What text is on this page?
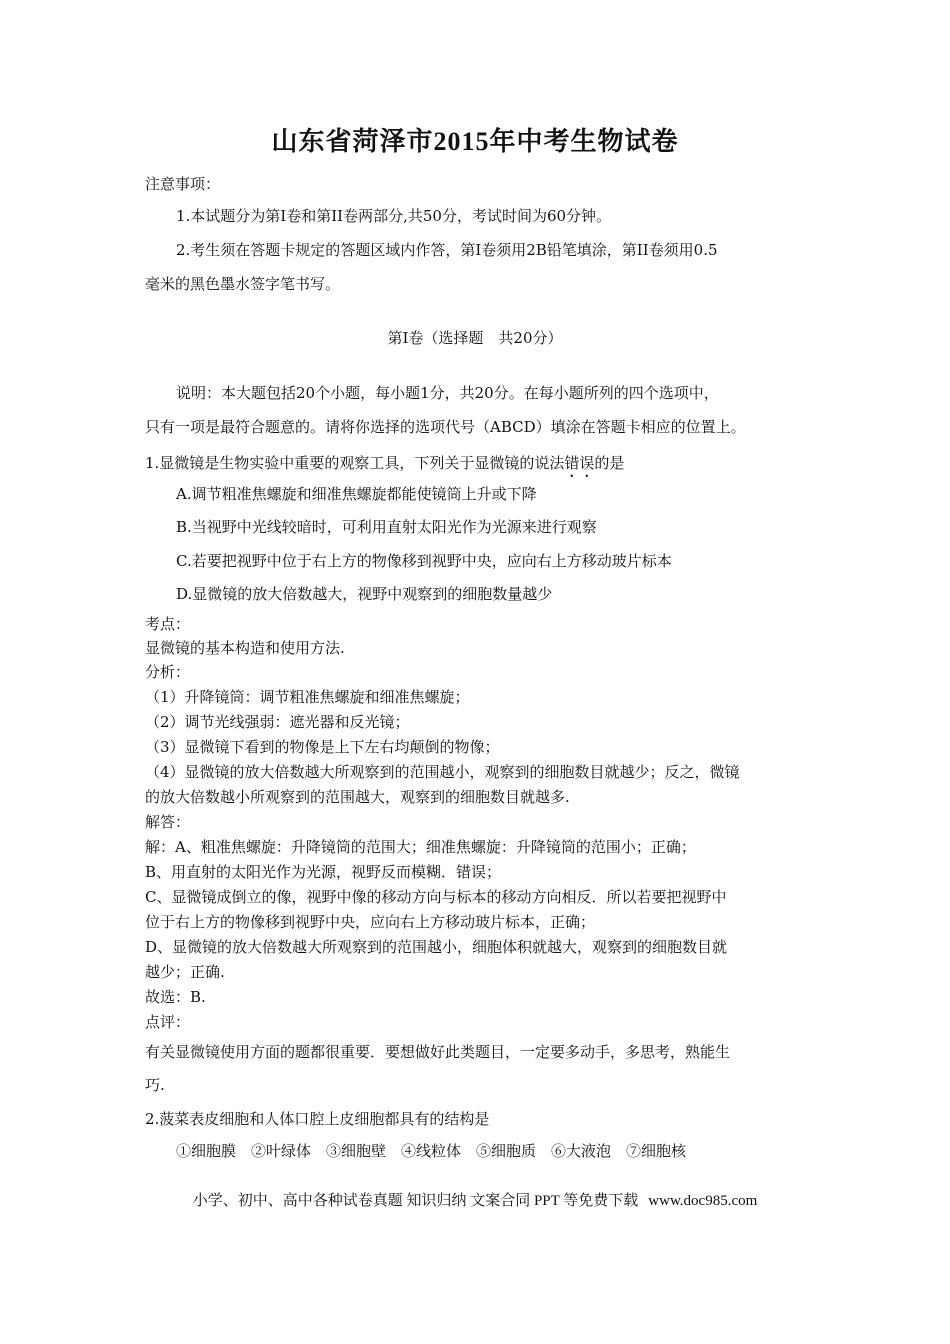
山东省菏泽市2015年中考生物试卷
注意事项：
1.本试题分为第I卷和第II卷两部分,共50分，考试时间为60分钟。
2.考生须在答题卡规定的答题区域内作答，第I卷须用2B铅笔填涂，第II卷须用0.5
毫米的黑色墨水签字笔书写。
第Ⅰ卷（选择题　共20分）
说明：本大题包括20个小题，每小题1分，共20分。在每小题所列的四个选项中，
只有一项是最符合题意的。请将你选择的选项代号（ABCD）填涂在答题卡相应的位置上。
1.显微镜是生物实验中重要的观察工具，下列关于显微镜的说法错误的是
A.调节粗准焦螺旋和细准焦螺旋都能使镜筒上升或下降
B.当视野中光线较暗时，可利用直射太阳光作为光源来进行观察
C.若要把视野中位于右上方的物像移到视野中央，应向右上方移动玻片标本
D.显微镜的放大倍数越大，视野中观察到的细胞数量越少
考点：
显微镜的基本构造和使用方法.
分析：
（1）升降镜筒：调节粗准焦螺旋和细准焦螺旋；
（2）调节光线强弱：遮光器和反光镜；
（3）显微镜下看到的物像是上下左右均颠倒的物像；
（4）显微镜的放大倍数越大所观察到的范围越小，观察到的细胞数目就越少；反之，微镜
的放大倍数越小所观察到的范围越大，观察到的细胞数目就越多.
解答：
解：A、粗准焦螺旋：升降镜筒的范围大；细准焦螺旋：升降镜筒的范围小；正确；
B、用直射的太阳光作为光源，视野反而模糊．错误；
C、显微镜成倒立的像，视野中像的移动方向与标本的移动方向相反．所以若要把视野中
位于右上方的物像移到视野中央，应向右上方移动玻片标本，正确；
D、显微镜的放大倍数越大所观察到的范围越小，细胞体积就越大，观察到的细胞数目就
越少；正确.
故选：B.
点评：
有关显微镜使用方面的题都很重要．要想做好此类题目，一定要多动手，多思考，熟能生
巧.
2.菠菜表皮细胞和人体口腔上皮细胞都具有的结构是
①细胞膜　②叶绿体　③细胞壁　④线粒体　⑤细胞质　⑥大液泡　⑦细胞核
小学、初中、高中各种试卷真题 知识归纳 文案合同 PPT 等免费下载 www.doc985.com
